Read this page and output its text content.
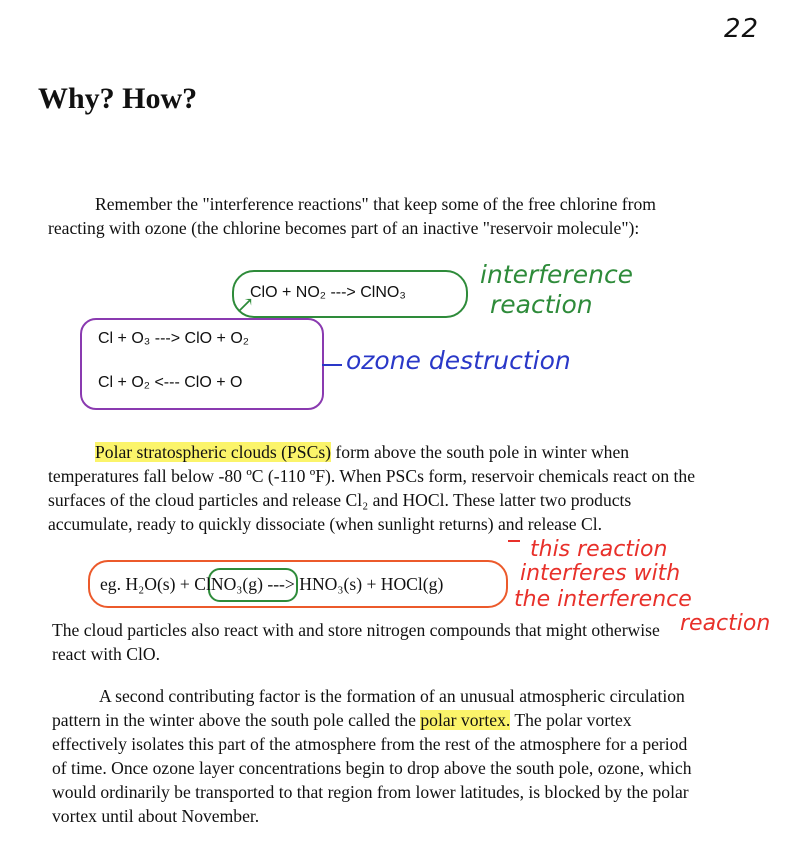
22
Why? How?

Remember the "interference reactions" that keep some of the free chlorine from reacting with ozone (the chlorine becomes part of an inactive "reservoir molecule"):

ClO + NO₂ ---> ClNO₃
↗
interference
reaction
Cl + O₃ ---> ClO + O₂
Cl + O₂ <--- ClO + O
ozone destruction

Polar stratospheric clouds (PSCs) form above the south pole in winter when temperatures fall below -80 ºC (-110 ºF). When PSCs form, reservoir chemicals react on the surfaces of the cloud particles and release Cl₂ and HOCl. These latter two products accumulate, ready to quickly dissociate (when sunlight returns) and release Cl.

eg. H₂O(s) + ClNO₃(g) ---> HNO₃(s) + HOCl(g)
this reaction
interferes with
the interference
reaction
The cloud particles also react with and store nitrogen compounds that might otherwise react with ClO.

A second contributing factor is the formation of an unusual atmospheric circulation pattern in the winter above the south pole called the polar vortex. The polar vortex effectively isolates this part of the atmosphere from the rest of the atmosphere for a period of time. Once ozone layer concentrations begin to drop above the south pole, ozone, which would ordinarily be transported to that region from lower latitudes, is blocked by the polar vortex until about November.
